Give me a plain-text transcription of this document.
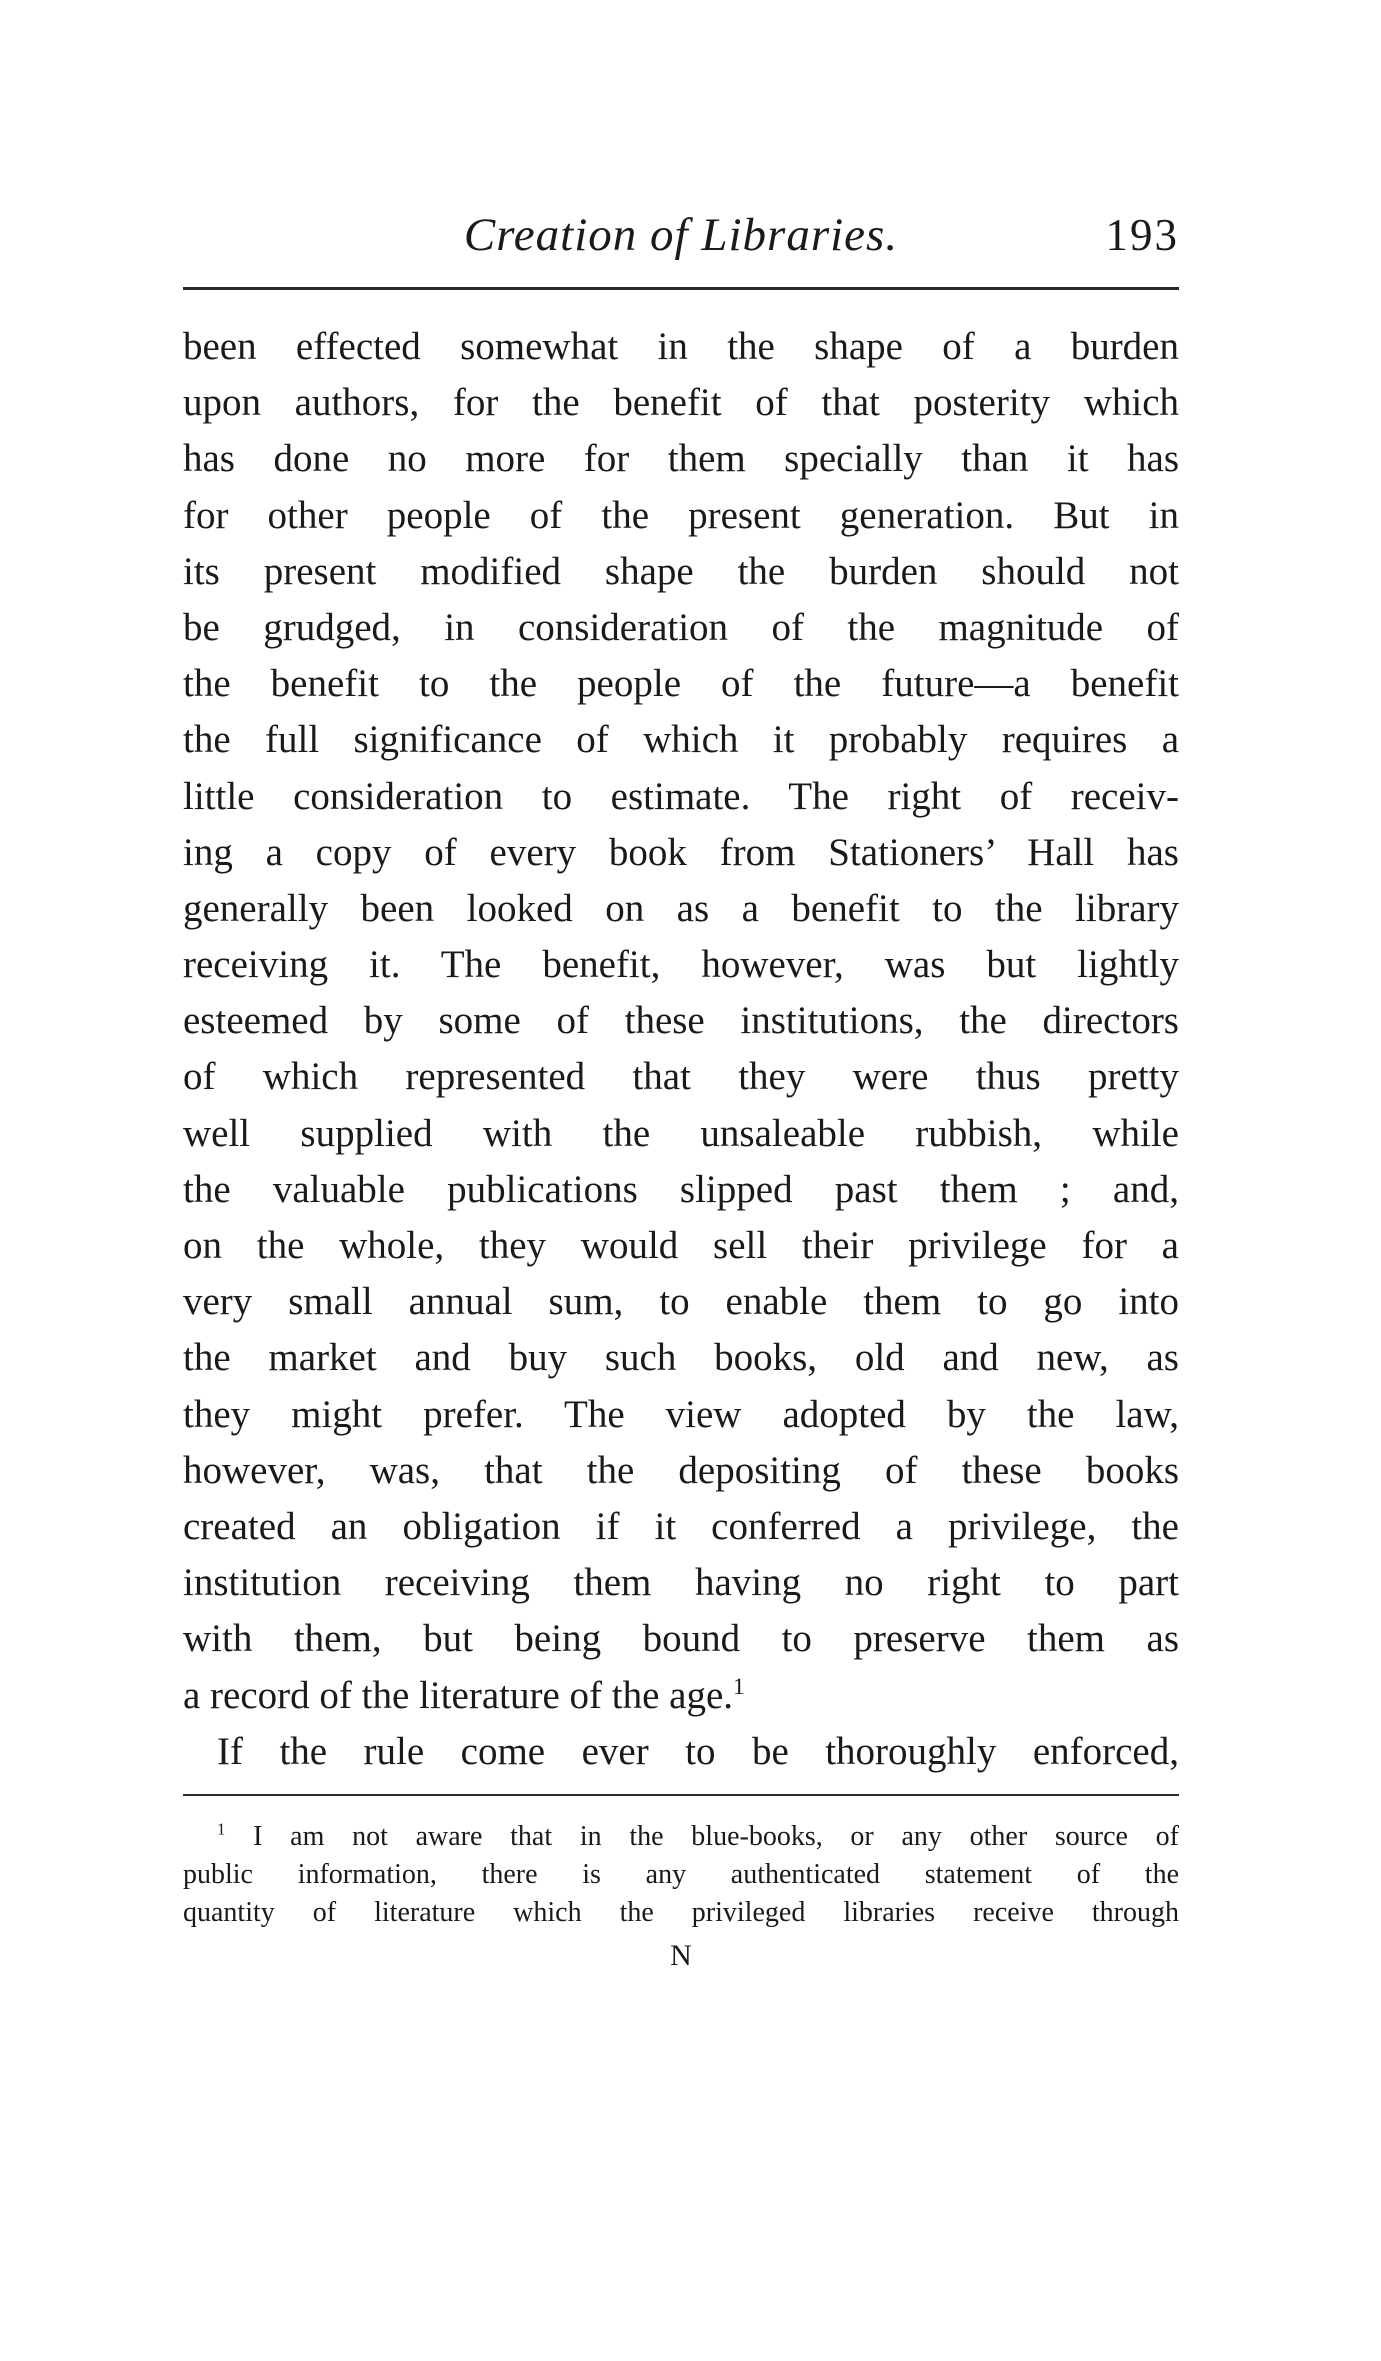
Creation of Libraries.	193

been effected somewhat in the shape of a burden
upon authors, for the benefit of that posterity which
has done no more for them specially than it has
for other people of the present generation. But in
its present modified shape the burden should not
be grudged, in consideration of the magnitude of
the benefit to the people of the future—a benefit
the full significance of which it probably requires a
little consideration to estimate. The right of receiv-
ing a copy of every book from Stationers’ Hall has
generally been looked on as a benefit to the library
receiving it. The benefit, however, was but lightly
esteemed by some of these institutions, the directors
of which represented that they were thus pretty
well supplied with the unsaleable rubbish, while
the valuable publications slipped past them ; and,
on the whole, they would sell their privilege for a
very small annual sum, to enable them to go into
the market and buy such books, old and new, as
they might prefer. The view adopted by the law,
however, was, that the depositing of these books
created an obligation if it conferred a privilege, the
institution receiving them having no right to part
with them, but being bound to preserve them as
a record of the literature of the age.$^1$

If the rule come ever to be thoroughly enforced,

$^1$ I am not aware that in the blue-books, or any other source of
public information, there is any authenticated statement of the
quantity of literature which the privileged libraries receive through
N
